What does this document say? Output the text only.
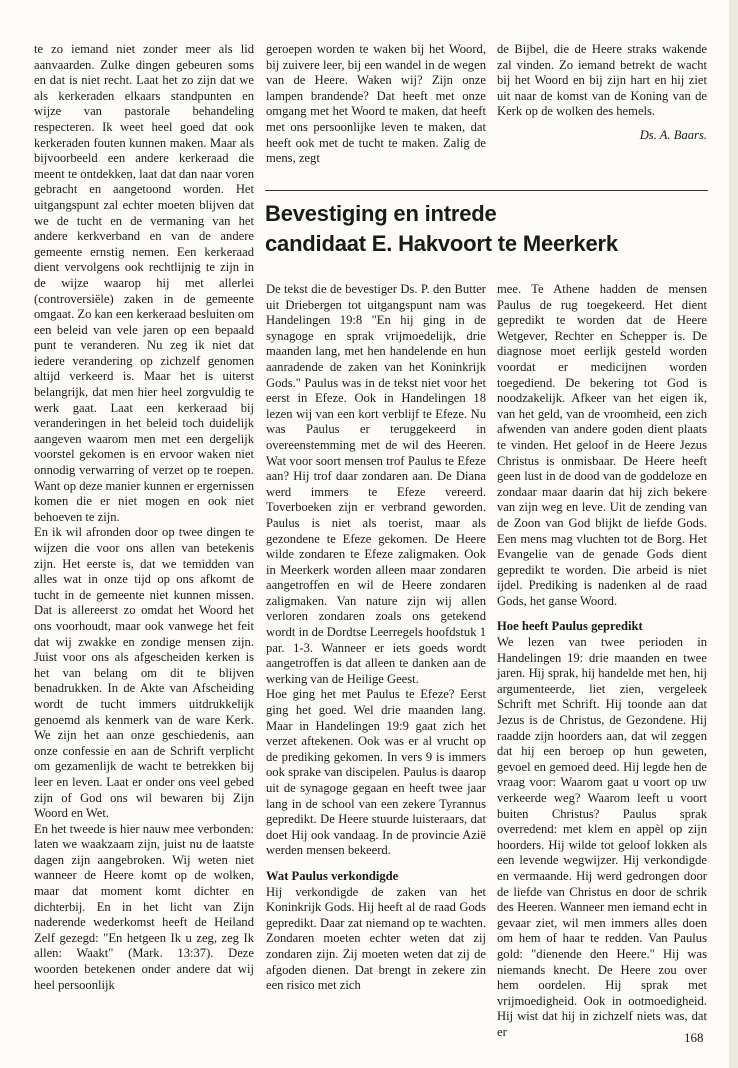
te zo iemand niet zonder meer als lid aanvaarden. Zulke dingen gebeuren soms en dat is niet recht. Laat het zo zijn dat we als kerkeraden elkaars standpunten en wijze van pastorale behandeling respecteren. Ik weet heel goed dat ook kerkeraden fouten kunnen maken. Maar als bijvoorbeeld een andere kerkeraad die meent te ontdekken, laat dat dan naar voren gebracht en aangetoond worden. Het uitgangspunt zal echter moeten blijven dat we de tucht en de vermaning van het andere kerkverband en van de andere gemeente ernstig nemen. Een kerkeraad dient vervolgens ook rechtlijnig te zijn in de wijze waarop hij met allerlei (controversiële) zaken in de gemeente omgaat. Zo kan een kerkeraad besluiten om een beleid van vele jaren op een bepaald punt te veranderen. Nu zeg ik niet dat iedere verandering op zichzelf genomen altijd verkeerd is. Maar het is uiterst belangrijk, dat men hier heel zorgvuldig te werk gaat. Laat een kerkeraad bij veranderingen in het beleid toch duidelijk aangeven waarom men met een dergelijk voorstel gekomen is en ervoor waken niet onnodig verwarring of verzet op te roepen. Want op deze manier kunnen er ergernissen komen die er niet mogen en ook niet behoeven te zijn.

En ik wil afronden door op twee dingen te wijzen die voor ons allen van betekenis zijn. Het eerste is, dat we temidden van alles wat in onze tijd op ons afkomt de tucht in de gemeente niet kunnen missen. Dat is allereerst zo omdat het Woord het ons voorhoudt, maar ook vanwege het feit dat wij zwakke en zondige mensen zijn. Juist voor ons als afgescheiden kerken is het van belang om dit te blijven benadrukken. In de Akte van Afscheiding wordt de tucht immers uitdrukkelijk genoemd als kenmerk van de ware Kerk. We zijn het aan onze geschiedenis, aan onze confessie en aan de Schrift verplicht om gezamenlijk de wacht te betrekken bij leer en leven. Laat er onder ons veel gebed zijn of God ons wil bewaren bij Zijn Woord en Wet.

En het tweede is hier nauw mee verbonden: laten we waakzaam zijn, juist nu de laatste dagen zijn aangebroken. Wij weten niet wanneer de Heere komt op de wolken, maar dat moment komt dichter en dichterbij. En in het licht van Zijn naderende wederkomst heeft de Heiland Zelf gezegd: "En hetgeen Ik u zeg, zeg Ik allen: Waakt" (Mark. 13:37). Deze woorden betekenen onder andere dat wij heel persoonlijk

geroepen worden te waken bij het Woord, bij zuivere leer, bij een wandel in de wegen van de Heere. Waken wij? Zijn onze lampen brandende? Dat heeft met onze omgang met het Woord te maken, dat heeft met ons persoonlijke leven te maken, dat heeft ook met de tucht te maken. Zalig de mens, zegt

de Bijbel, die de Heere straks wakende zal vinden. Zo iemand betrekt de wacht bij het Woord en bij zijn hart en hij ziet uit naar de komst van de Koning van de Kerk op de wolken des hemels.

Ds. A. Baars.

Bevestiging en intrede
candidaat E. Hakvoort te Meerkerk

De tekst die de bevestiger Ds. P. den Butter uit Driebergen tot uitgangspunt nam was Handelingen 19:8 "En hij ging in de synagoge en sprak vrijmoedelijk, drie maanden lang, met hen handelende en hun aanradende de zaken van het Koninkrijk Gods." Paulus was in de tekst niet voor het eerst in Efeze. Ook in Handelingen 18 lezen wij van een kort verblijf te Efeze. Nu was Paulus er teruggekeerd in overeenstemming met de wil des Heeren. Wat voor soort mensen trof Paulus te Efeze aan? Hij trof daar zondaren aan. De Diana werd immers te Efeze vereerd. Toverboeken zijn er verbrand geworden. Paulus is niet als toerist, maar als gezondene te Efeze gekomen. De Heere wilde zondaren te Efeze zaligmaken. Ook in Meerkerk worden alleen maar zondaren aangetroffen en wil de Heere zondaren zaligmaken. Van nature zijn wij allen verloren zondaren zoals ons getekend wordt in de Dordtse Leerregels hoofdstuk 1 par. 1-3. Wanneer er iets goeds wordt aangetroffen is dat alleen te danken aan de werking van de Heilige Geest.

Hoe ging het met Paulus te Efeze? Eerst ging het goed. Wel drie maanden lang. Maar in Handelingen 19:9 gaat zich het verzet aftekenen. Ook was er al vrucht op de prediking gekomen. In vers 9 is immers ook sprake van discipelen. Paulus is daarop uit de synagoge gegaan en heeft twee jaar lang in de school van een zekere Tyrannus gepredikt. De Heere stuurde luisteraars, dat doet Hij ook vandaag. In de provincie Azië werden mensen bekeerd.

Wat Paulus verkondigde

Hij verkondigde de zaken van het Koninkrijk Gods. Hij heeft al de raad Gods gepredikt. Daar zat niemand op te wachten. Zondaren moeten echter weten dat zij zondaren zijn. Zij moeten weten dat zij de afgoden dienen. Dat brengt in zekere zin een risico met zich

mee. Te Athene hadden de mensen Paulus de rug toegekeerd. Het dient gepredikt te worden dat de Heere Wetgever, Rechter en Schepper is. De diagnose moet eerlijk gesteld worden voordat er medicijnen worden toegediend. De bekering tot God is noodzakelijk. Afkeer van het eigen ik, van het geld, van de vroomheid, een zich afwenden van andere goden dient plaats te vinden. Het geloof in de Heere Jezus Christus is onmisbaar. De Heere heeft geen lust in de dood van de goddeloze en zondaar maar daarin dat hij zich bekere van zijn weg en leve. Uit de zending van de Zoon van God blijkt de liefde Gods. Een mens mag vluchten tot de Borg. Het Evangelie van de genade Gods dient gepredikt te worden. Die arbeid is niet ijdel. Prediking is nadenken al de raad Gods, het ganse Woord.

Hoe heeft Paulus gepredikt

We lezen van twee perioden in Handelingen 19: drie maanden en twee jaren. Hij sprak, hij handelde met hen, hij argumenteerde, liet zien, vergeleek Schrift met Schrift. Hij toonde aan dat Jezus is de Christus, de Gezondene. Hij raadde zijn hoorders aan, dat wil zeggen dat hij een beroep op hun geweten, gevoel en gemoed deed. Hij legde hen de vraag voor: Waarom gaat u voort op uw verkeerde weg? Waarom leeft u voort buiten Christus? Paulus sprak overredend: met klem en appèl op zijn hoorders. Hij wilde tot geloof lokken als een levende wegwijzer. Hij verkondigde en vermaande. Hij werd gedrongen door de liefde van Christus en door de schrik des Heeren. Wanneer men iemand echt in gevaar ziet, wil men immers alles doen om hem of haar te redden. Van Paulus gold: "dienende den Heere." Hij was niemands knecht. De Heere zou over hem oordelen. Hij sprak met vrijmoedigheid. Ook in ootmoedigheid. Hij wist dat hij in zichzelf niets was, dat er	168
